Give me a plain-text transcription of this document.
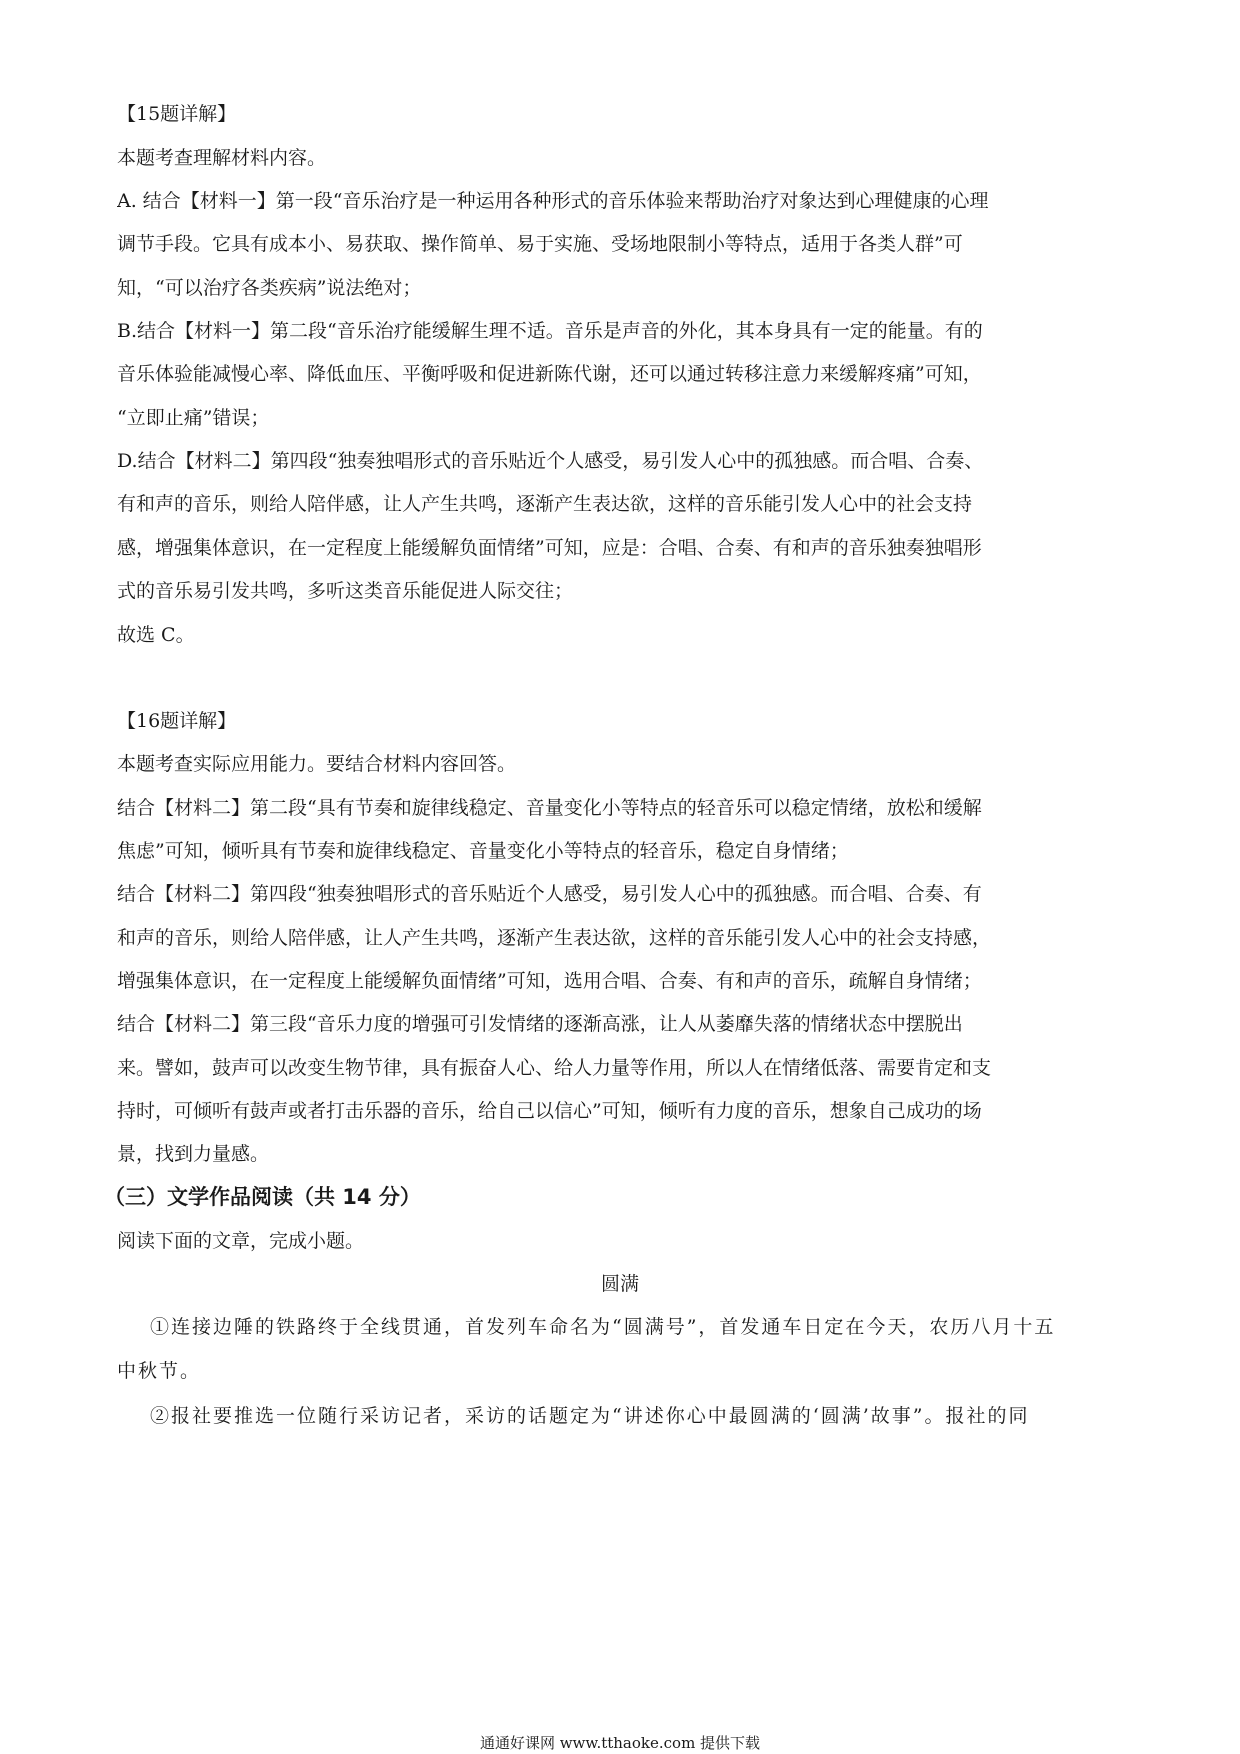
【15题详解】
本题考查理解材料内容。
A. 结合【材料一】第一段“音乐治疗是一种运用各种形式的音乐体验来帮助治疗对象达到心理健康的心理
调节手段。它具有成本小、易获取、操作简单、易于实施、受场地限制小等特点，适用于各类人群”可
知，“可以治疗各类疾病”说法绝对；
B.结合【材料一】第二段“音乐治疗能缓解生理不适。音乐是声音的外化，其本身具有一定的能量。有的
音乐体验能减慢心率、降低血压、平衡呼吸和促进新陈代谢，还可以通过转移注意力来缓解疼痛”可知，
“立即止痛”错误；
D.结合【材料二】第四段“独奏独唱形式的音乐贴近个人感受，易引发人心中的孤独感。而合唱、合奏、
有和声的音乐，则给人陪伴感，让人产生共鸣，逐渐产生表达欲，这样的音乐能引发人心中的社会支持
感，增强集体意识，在一定程度上能缓解负面情绪”可知，应是：合唱、合奏、有和声的音乐独奏独唱形
式的音乐易引发共鸣，多听这类音乐能促进人际交往；
故选 C。
【16题详解】
本题考查实际应用能力。要结合材料内容回答。
结合【材料二】第二段“具有节奏和旋律线稳定、音量变化小等特点的轻音乐可以稳定情绪，放松和缓解
焦虑”可知，倾听具有节奏和旋律线稳定、音量变化小等特点的轻音乐，稳定自身情绪；
结合【材料二】第四段“独奏独唱形式的音乐贴近个人感受，易引发人心中的孤独感。而合唱、合奏、有
和声的音乐，则给人陪伴感，让人产生共鸣，逐渐产生表达欲，这样的音乐能引发人心中的社会支持感，
增强集体意识，在一定程度上能缓解负面情绪”可知，选用合唱、合奏、有和声的音乐，疏解自身情绪；
结合【材料二】第三段“音乐力度的增强可引发情绪的逐渐高涨，让人从萎靡失落的情绪状态中摆脱出
来。譬如，鼓声可以改变生物节律，具有振奋人心、给人力量等作用，所以人在情绪低落、需要肯定和支
持时，可倾听有鼓声或者打击乐器的音乐，给自己以信心”可知，倾听有力度的音乐，想象自己成功的场
景，找到力量感。
（三）文学作品阅读（共 14 分）
阅读下面的文章，完成小题。
圆满
①连接边陲的铁路终于全线贯通，首发列车命名为“圆满号”，首发通车日定在今天，农历八月十五
中秋节。
②报社要推选一位随行采访记者，采访的话题定为“讲述你心中最圆满的‘圆满’故事”。报社的同
通通好课网 www.tthaoke.com 提供下载
